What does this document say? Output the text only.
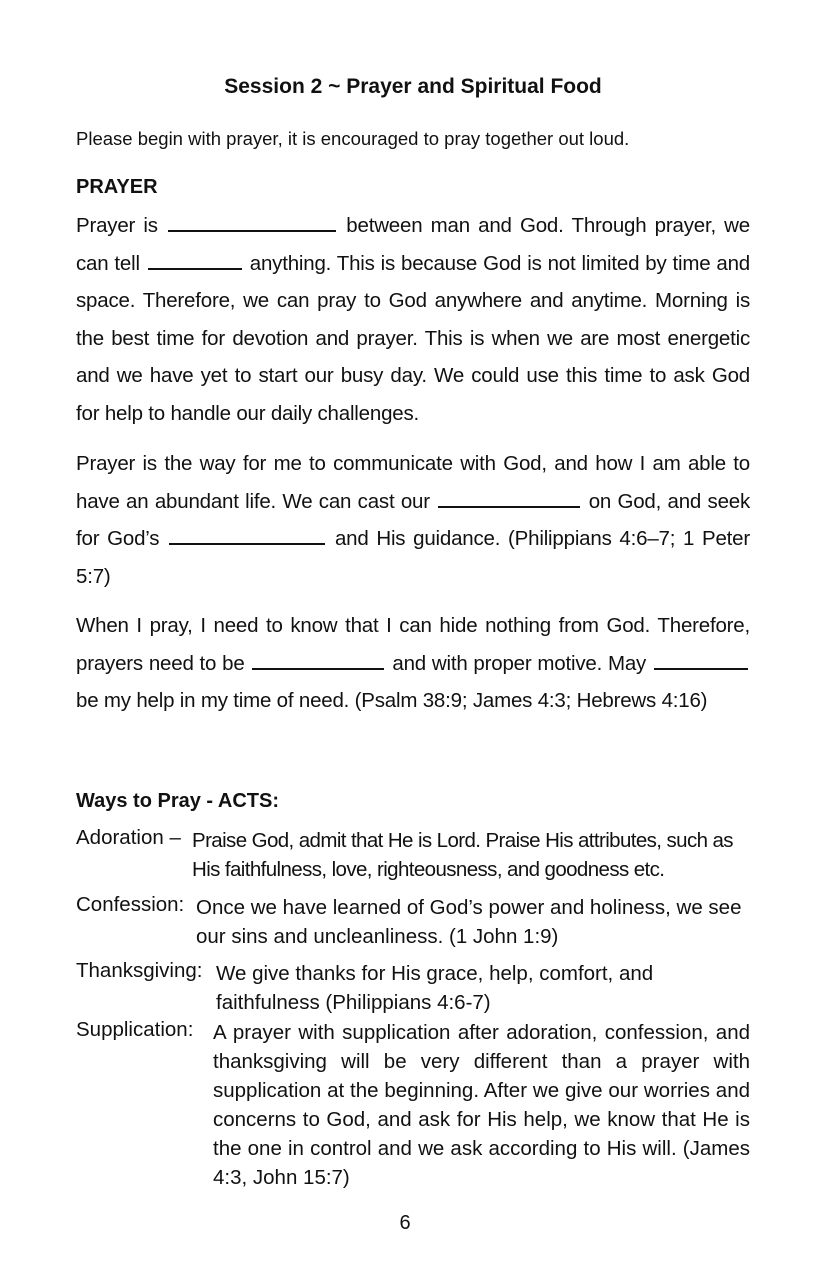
Session 2 ~ Prayer and Spiritual Food
Please begin with prayer, it is encouraged to pray together out loud.
PRAYER
Prayer is	between man and God. Through prayer, we can tell	anything. This is because God is not limited by time and space. Therefore, we can pray to God anywhere and anytime. Morning is the best time for devotion and prayer. This is when we are most energetic and we have yet to start our busy day. We could use this time to ask God for help to handle our daily challenges.
Prayer is the way for me to communicate with God, and how I am able to have an abundant life. We can cast our	on God, and seek for God’s	and His guidance. (Philippians 4:6–7; 1 Peter 5:7)
When I pray, I need to know that I can hide nothing from God. Therefore, prayers need to be	and with proper motive. May  be my help in my time of need. (Psalm 38:9; James 4:3; Hebrews 4:16)
Ways to Pray - ACTS:
Adoration – Praise God, admit that He is Lord. Praise His attributes, such as His faithfulness, love, righteousness, and goodness etc.
Confession: Once we have learned of God’s power and holiness, we see our sins and uncleanliness. (1 John 1:9)
Thanksgiving: We give thanks for His grace, help, comfort, and faithfulness (Philippians 4:6-7)
Supplication: A prayer with supplication after adoration, confession, and thanksgiving will be very different than a prayer with supplication at the beginning. After we give our worries and concerns to God, and ask for His help, we know that He is the one in control and we ask according to His will. (James 4:3, John 15:7)
6
